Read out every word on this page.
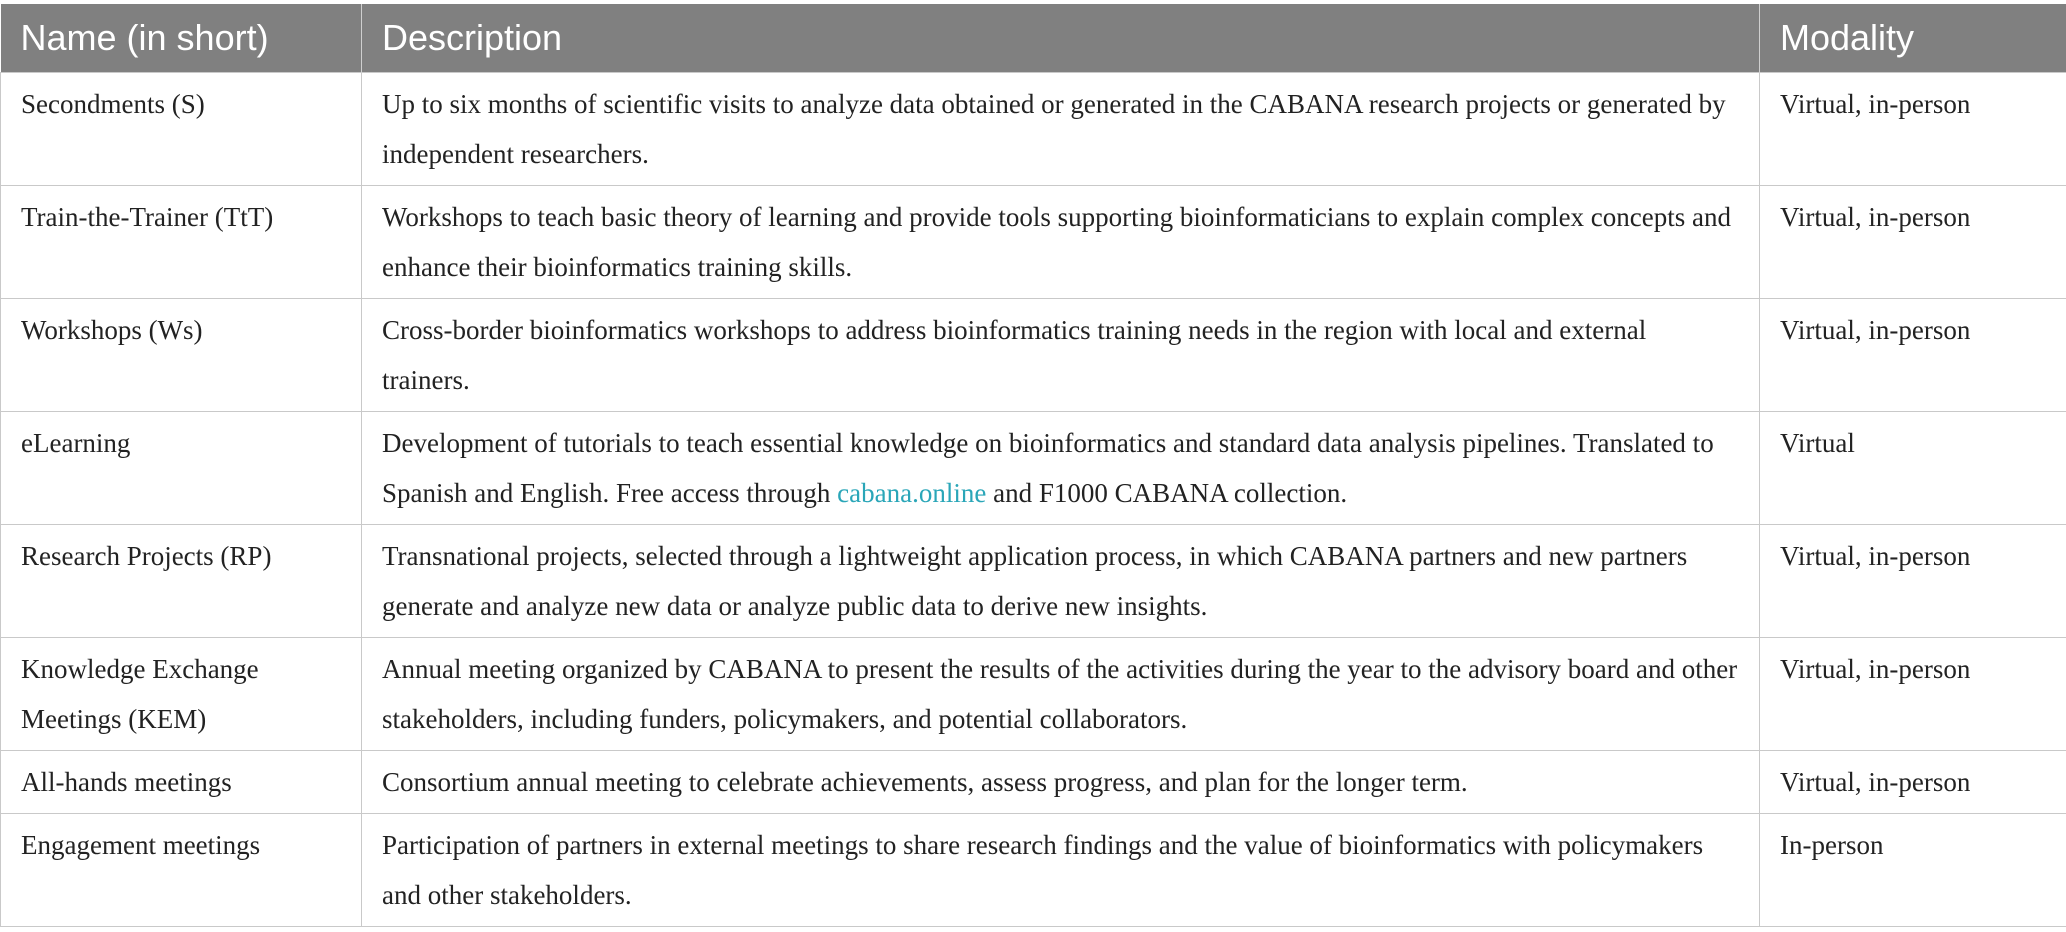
Name (in short)	Description	Modality
Secondments (S)	Up to six months of scientific visits to analyze data obtained or generated in the CABANA research projects or generated by independent researchers.	Virtual, in-person
Train-the-Trainer (TtT)	Workshops to teach basic theory of learning and provide tools supporting bioinformaticians to explain complex concepts and enhance their bioinformatics training skills.	Virtual, in-person
Workshops (Ws)	Cross-border bioinformatics workshops to address bioinformatics training needs in the region with local and external trainers.	Virtual, in-person
eLearning	Development of tutorials to teach essential knowledge on bioinformatics and standard data analysis pipelines. Translated to Spanish and English. Free access through cabana.online and F1000 CABANA collection.	Virtual
Research Projects (RP)	Transnational projects, selected through a lightweight application process, in which CABANA partners and new partners generate and analyze new data or analyze public data to derive new insights.	Virtual, in-person
Knowledge Exchange Meetings (KEM)	Annual meeting organized by CABANA to present the results of the activities during the year to the advisory board and other stakeholders, including funders, policymakers, and potential collaborators.	Virtual, in-person
All-hands meetings	Consortium annual meeting to celebrate achievements, assess progress, and plan for the longer term.	Virtual, in-person
Engagement meetings	Participation of partners in external meetings to share research findings and the value of bioinformatics with policymakers and other stakeholders.	In-person
